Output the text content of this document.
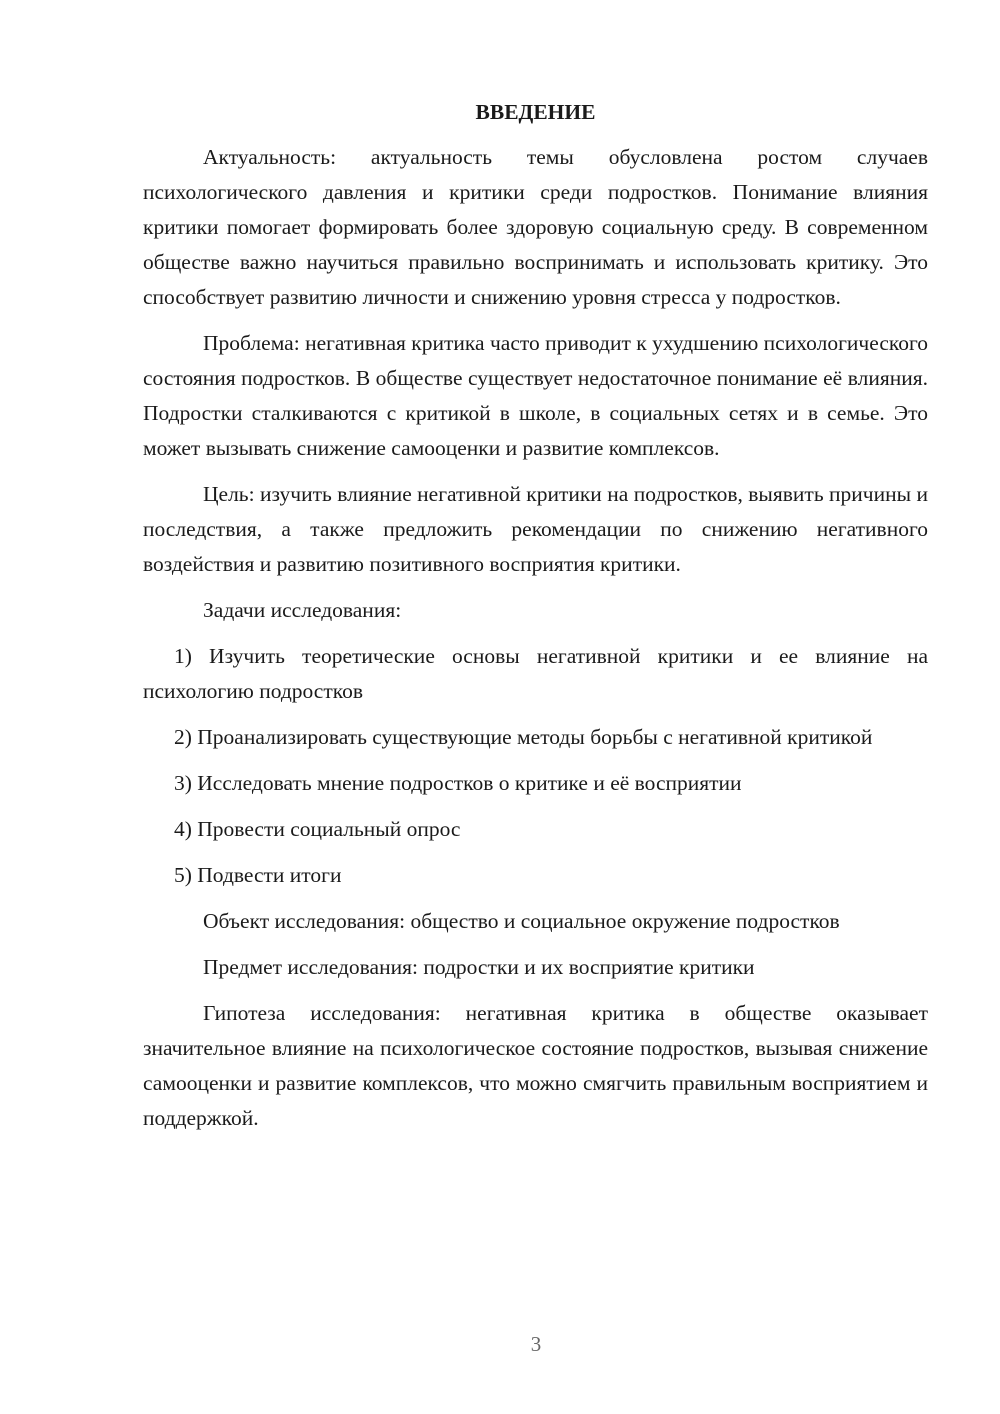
ВВЕДЕНИЕ

Актуальность: актуальность темы обусловлена ростом случаев психологического давления и критики среди подростков. Понимание влияния критики помогает формировать более здоровую социальную среду. В современном обществе важно научиться правильно воспринимать и использовать критику. Это способствует развитию личности и снижению уровня стресса у подростков.

Проблема: негативная критика часто приводит к ухудшению психологического состояния подростков. В обществе существует недостаточное понимание её влияния. Подростки сталкиваются с критикой в школе, в социальных сетях и в семье. Это может вызывать снижение самооценки и развитие комплексов.

Цель: изучить влияние негативной критики на подростков, выявить причины и последствия, а также предложить рекомендации по снижению негативного воздействия и развитию позитивного восприятия критики.

Задачи исследования:

1) Изучить теоретические основы негативной критики и ее влияние на психологию подростков

2) Проанализировать существующие методы борьбы с негативной критикой

3) Исследовать мнение подростков о критике и её восприятии

4) Провести социальный опрос

5) Подвести итоги

Объект исследования: общество и социальное окружение подростков

Предмет исследования: подростки и их восприятие критики

Гипотеза исследования: негативная критика в обществе оказывает значительное влияние на психологическое состояние подростков, вызывая снижение самооценки и развитие комплексов, что можно смягчить правильным восприятием и поддержкой.

3
